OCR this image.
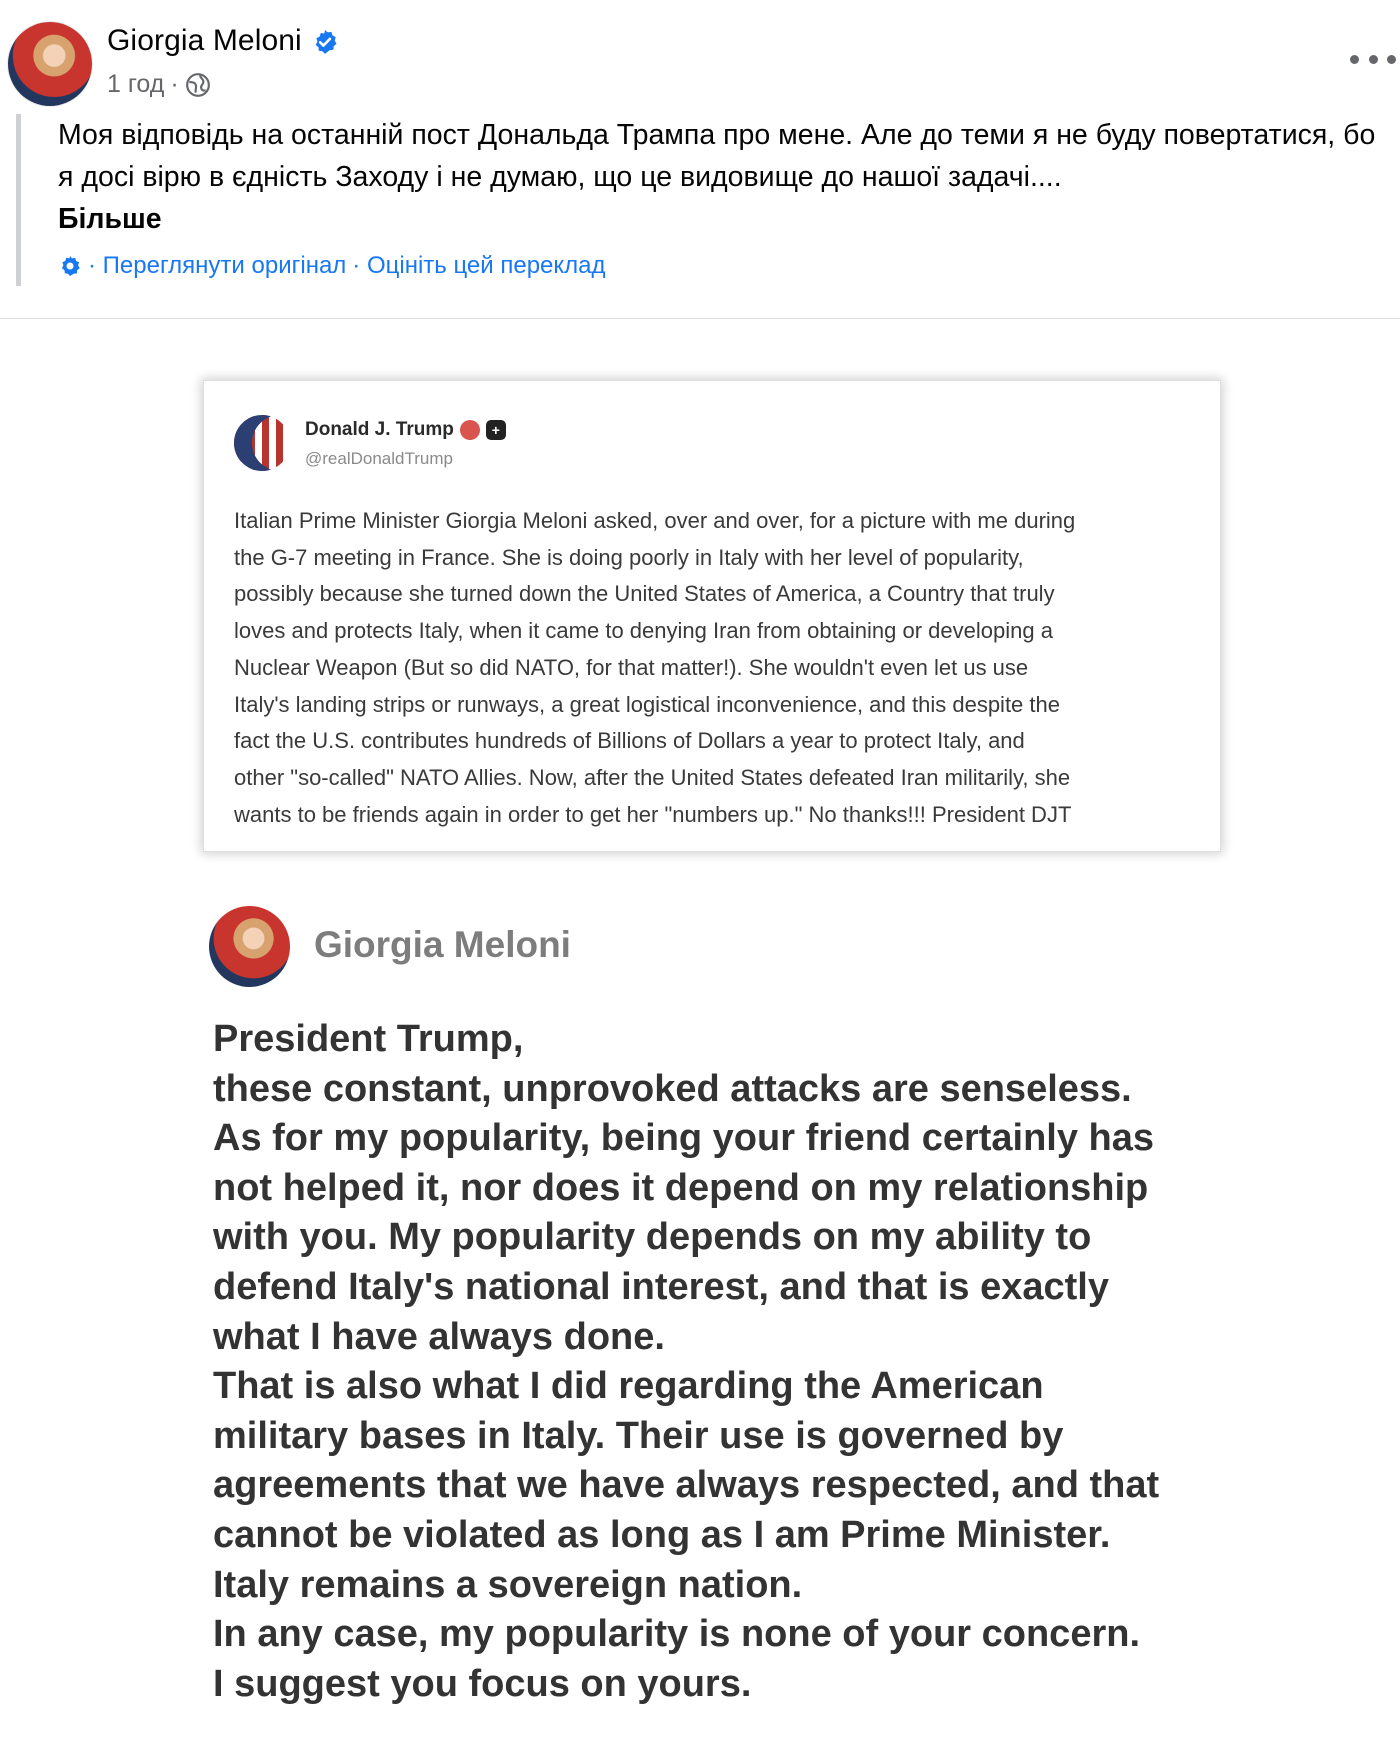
Giorgia Meloni
1 год ·
Моя відповідь на останній пост Дональда Трампа про мене. Але до теми я не буду повертатися, бо я досі вірю в єдність Заходу і не думаю, що це видовище до нашої задачі....
Більше
· Переглянути оригінал · Оцініть цей переклад
Donald J. Trump	+
@realDonaldTrump
Italian Prime Minister Giorgia Meloni asked, over and over, for a picture with me during
the G-7 meeting in France. She is doing poorly in Italy with her level of popularity,
possibly because she turned down the United States of America, a Country that truly
loves and protects Italy, when it came to denying Iran from obtaining or developing a
Nuclear Weapon (But so did NATO, for that matter!). She wouldn't even let us use
Italy's landing strips or runways, a great logistical inconvenience, and this despite the
fact the U.S. contributes hundreds of Billions of Dollars a year to protect Italy, and
other "so-called" NATO Allies. Now, after the United States defeated Iran militarily, she
wants to be friends again in order to get her "numbers up." No thanks!!! President DJT
Giorgia Meloni
President Trump,
these constant, unprovoked attacks are senseless.
As for my popularity, being your friend certainly has
not helped it, nor does it depend on my relationship
with you. My popularity depends on my ability to
defend Italy's national interest, and that is exactly
what I have always done.
That is also what I did regarding the American
military bases in Italy. Their use is governed by
agreements that we have always respected, and that
cannot be violated as long as I am Prime Minister.
Italy remains a sovereign nation.
In any case, my popularity is none of your concern.
I suggest you focus on yours.
